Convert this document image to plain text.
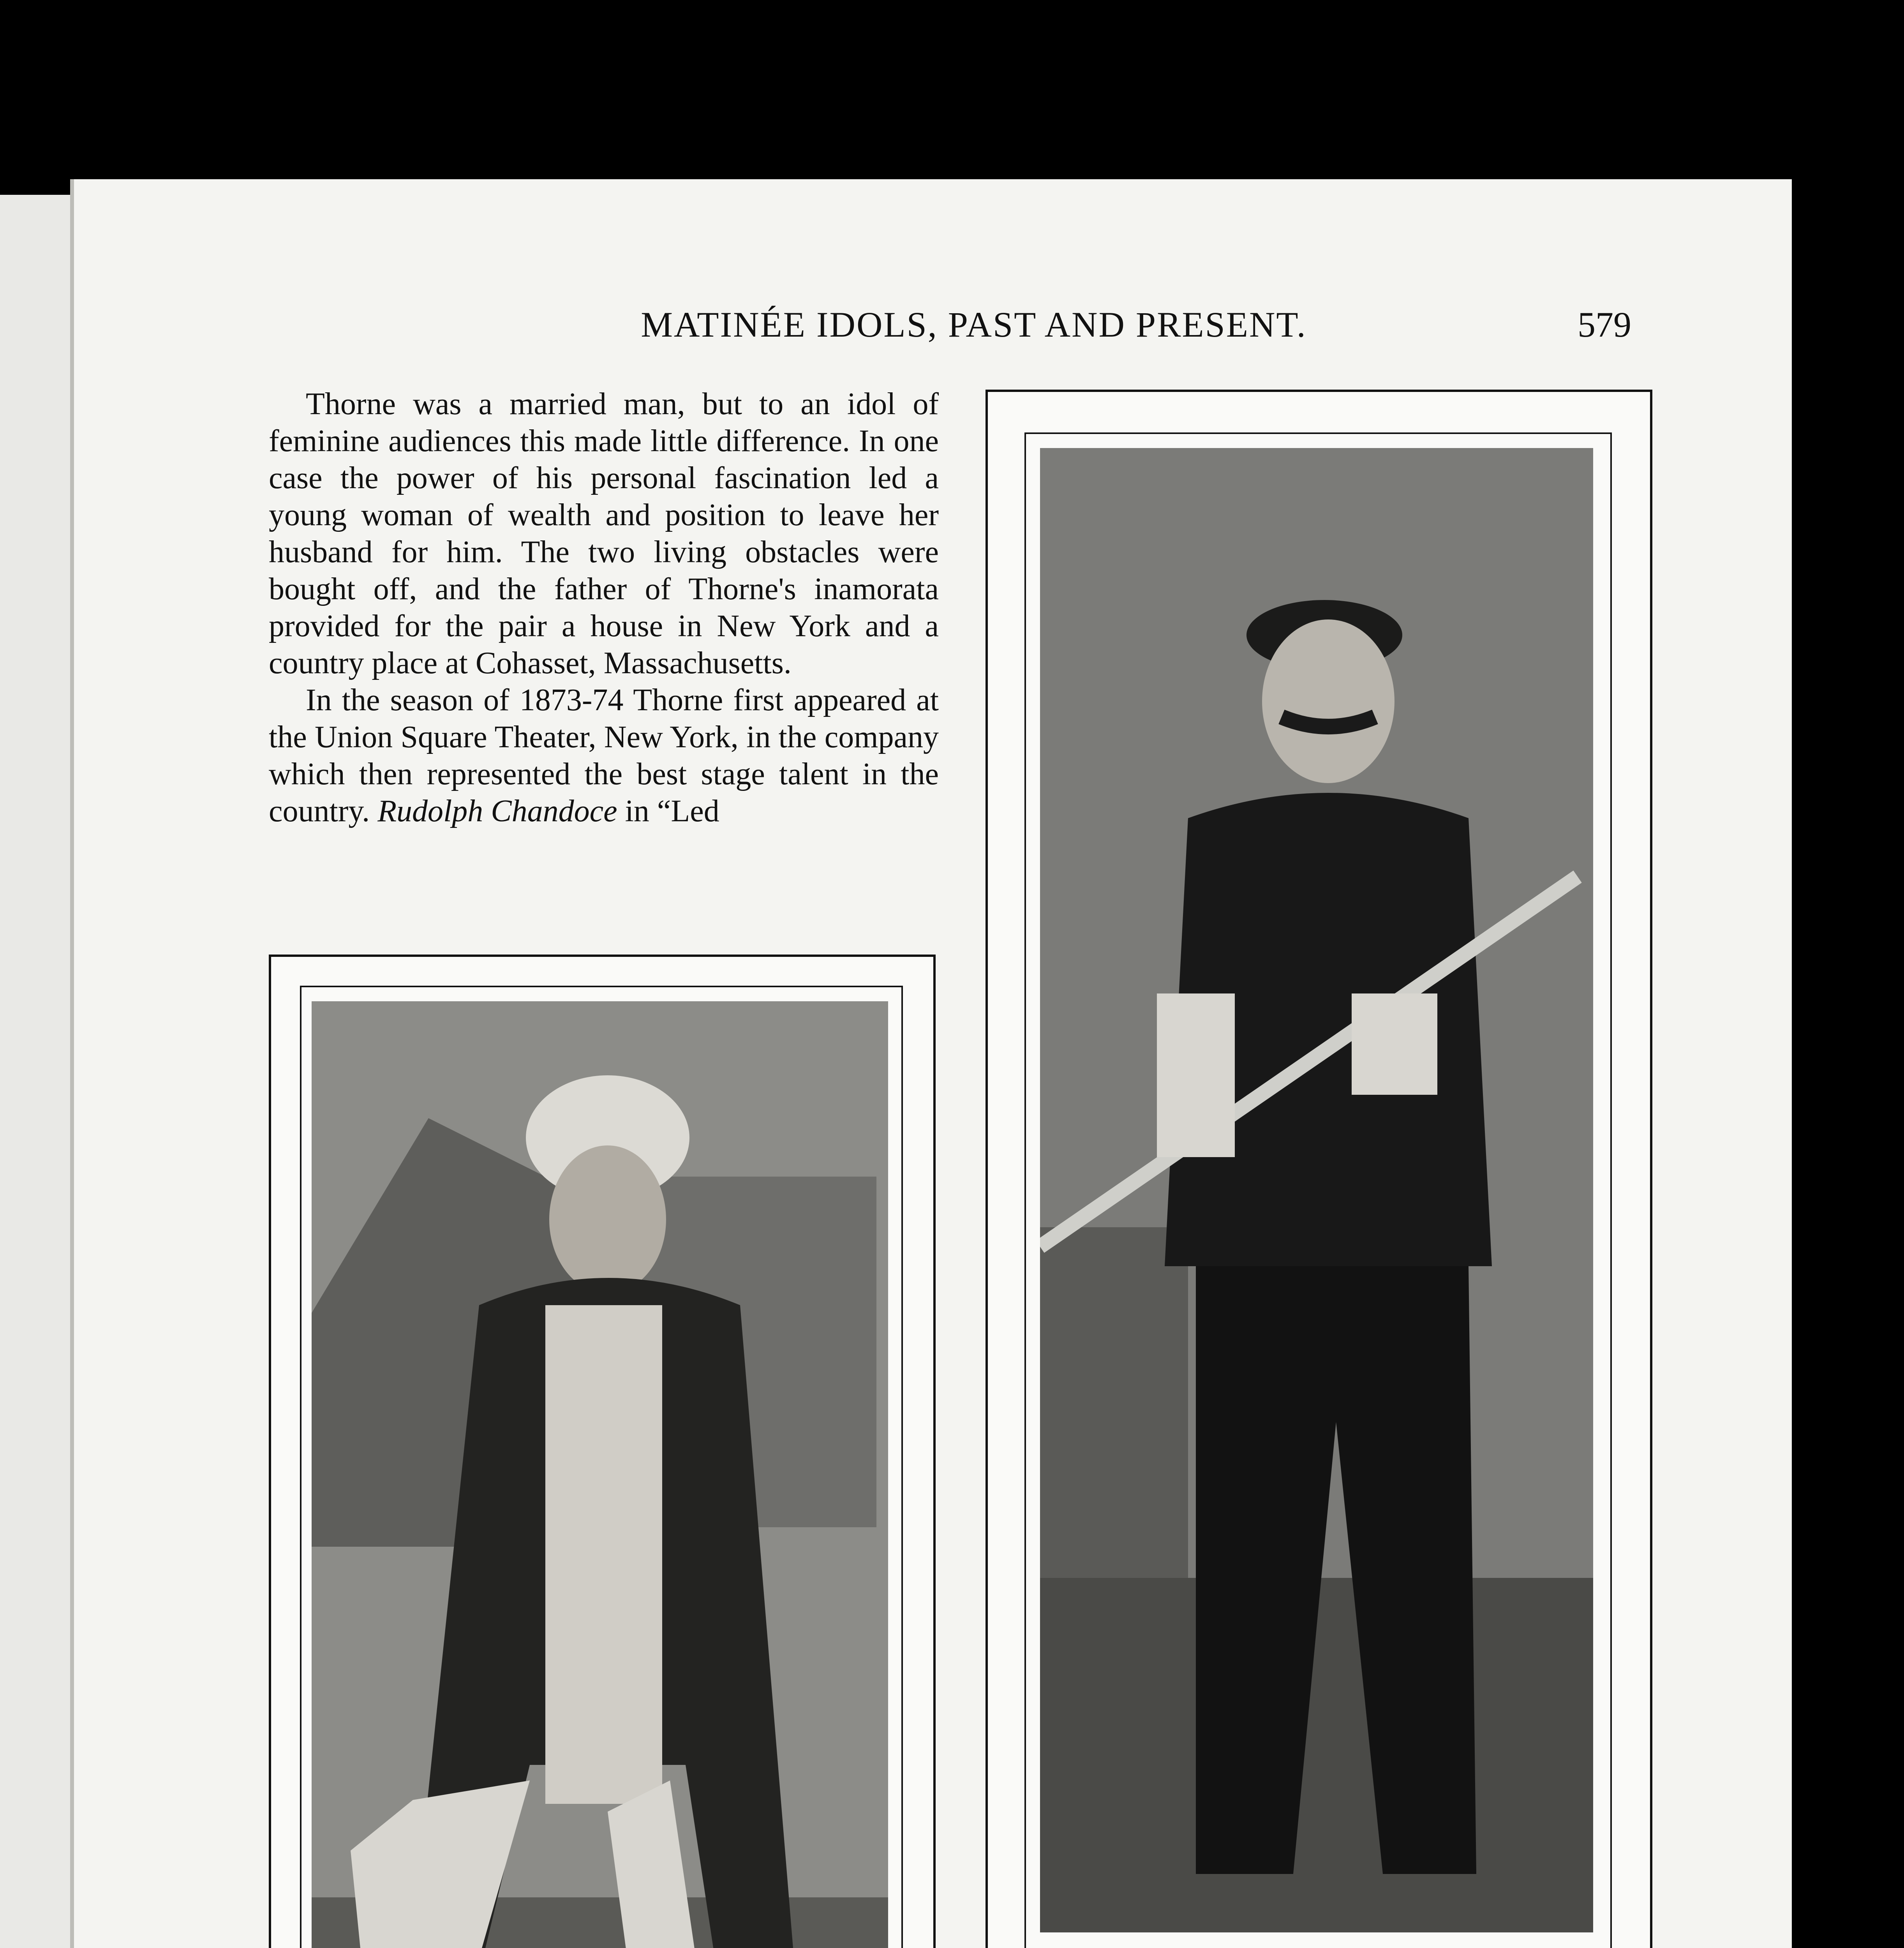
MATINÉE IDOLS, PAST AND PRESENT.	579

Thorne was a married man, but to an idol of feminine audiences this made little difference. In one case the power of his personal fascination led a young woman of wealth and position to leave her husband for him. The two living obstacles were bought off, and the father of Thorne's inamorata provided for the pair a house in New York and a country place at Cohasset, Massachusetts.

In the season of 1873-74 Thorne first appeared at the Union Square Theater, New York, in the company which then represented the best stage talent in the country. Rudolph Chandoce in “Led
